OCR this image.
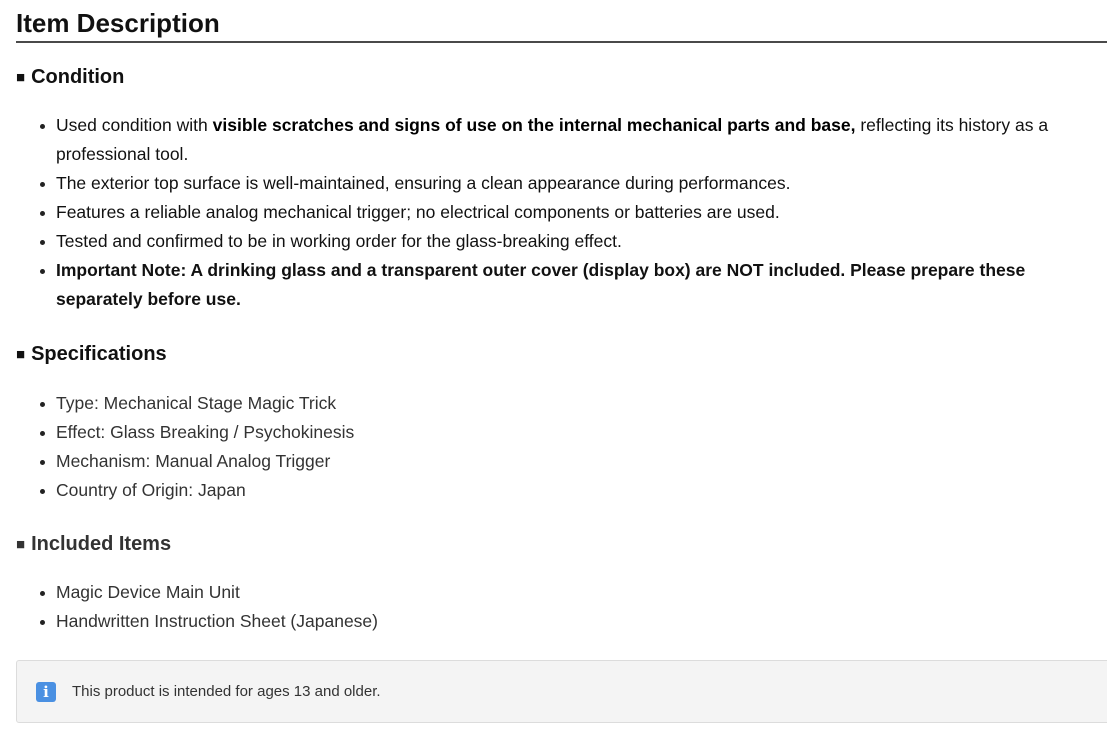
Item Description
■ Condition
Used condition with visible scratches and signs of use on the internal mechanical parts and base, reflecting its history as a professional tool.
The exterior top surface is well-maintained, ensuring a clean appearance during performances.
Features a reliable analog mechanical trigger; no electrical components or batteries are used.
Tested and confirmed to be in working order for the glass-breaking effect.
Important Note: A drinking glass and a transparent outer cover (display box) are NOT included. Please prepare these separately before use.
■ Specifications
Type: Mechanical Stage Magic Trick
Effect: Glass Breaking / Psychokinesis
Mechanism: Manual Analog Trigger
Country of Origin: Japan
■ Included Items
Magic Device Main Unit
Handwritten Instruction Sheet (Japanese)
i	This product is intended for ages 13 and older.
